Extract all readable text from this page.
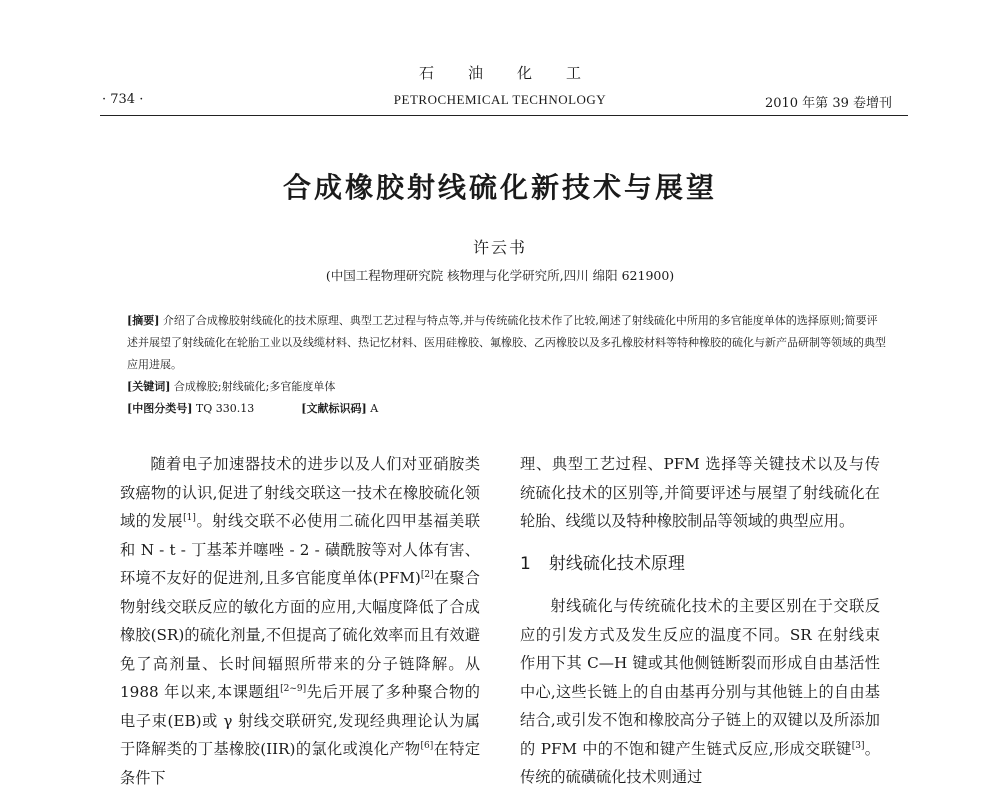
石油化工
· 734 ·	PETROCHEMICAL TECHNOLOGY	2010 年第 39 卷增刊
合成橡胶射线硫化新技术与展望
许云书
(中国工程物理研究院 核物理与化学研究所,四川 绵阳 621900)

[摘要] 介绍了合成橡胶射线硫化的技术原理、典型工艺过程与特点等,并与传统硫化技术作了比较,阐述了射线硫化中所用的多官能度单体的选择原则;简要评述并展望了射线硫化在轮胎工业以及线缆材料、热记忆材料、医用硅橡胶、氟橡胶、乙丙橡胶以及多孔橡胶材料等特种橡胶的硫化与新产品研制等领域的典型应用进展。

[关键词] 合成橡胶;射线硫化;多官能度单体
[中图分类号] TQ 330.13	[文献标识码] A

随着电子加速器技术的进步以及人们对亚硝胺类致癌物的认识,促进了射线交联这一技术在橡胶硫化领域的发展[1]。射线交联不必使用二硫化四甲基福美联和 N - t - 丁基苯并噻唑 - 2 - 磺酰胺等对人体有害、环境不友好的促进剂,且多官能度单体(PFM)[2]在聚合物射线交联反应的敏化方面的应用,大幅度降低了合成橡胶(SR)的硫化剂量,不但提高了硫化效率而且有效避免了高剂量、长时间辐照所带来的分子链降解。从 1988 年以来,本课题组[2~9]先后开展了多种聚合物的电子束(EB)或 γ 射线交联研究,发现经典理论认为属于降解类的丁基橡胶(IIR)的氯化或溴化产物[6]在特定条件下

理、典型工艺过程、PFM 选择等关键技术以及与传统硫化技术的区别等,并简要评述与展望了射线硫化在轮胎、线缆以及特种橡胶制品等领域的典型应用。

1 射线硫化技术原理

射线硫化与传统硫化技术的主要区别在于交联反应的引发方式及发生反应的温度不同。SR 在射线束作用下其 C—H 键或其他侧链断裂而形成自由基活性中心,这些长链上的自由基再分别与其他链上的自由基结合,或引发不饱和橡胶高分子链上的双键以及所添加的 PFM 中的不饱和键产生链式反应,形成交联键[3]。传统的硫磺硫化技术则通过
